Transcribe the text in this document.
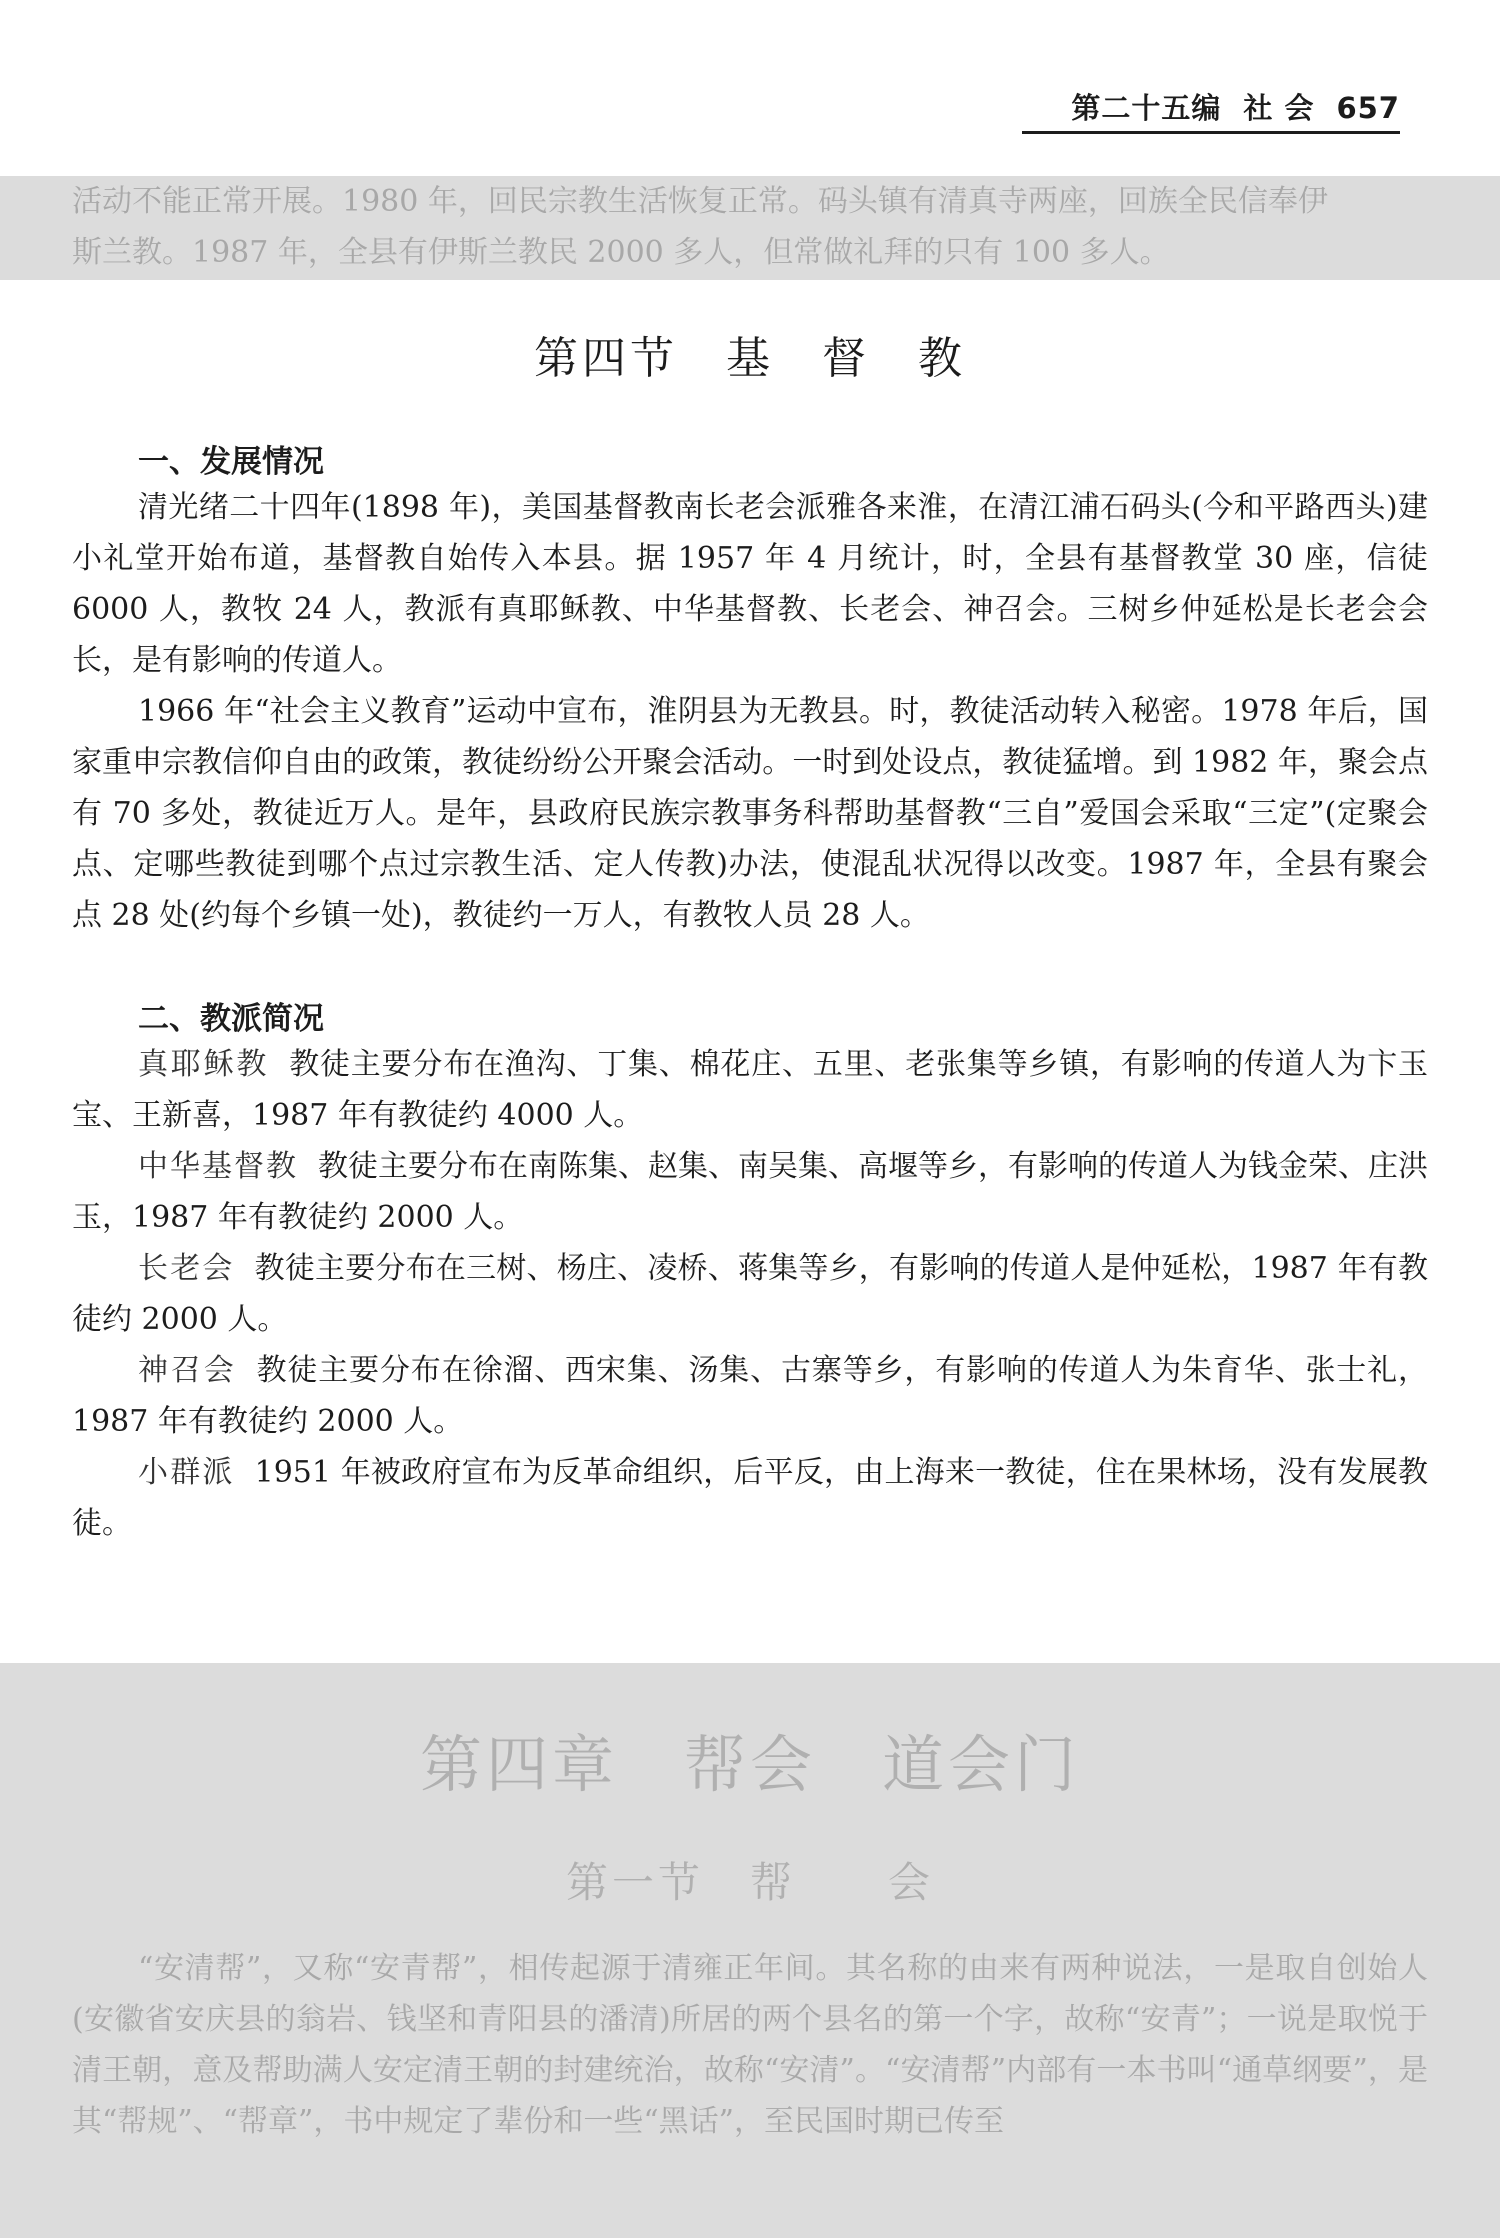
第二十五编 社 会 657

活动不能正常开展。1980 年，回民宗教生活恢复正常。码头镇有清真寺两座，回族全民信奉伊

斯兰教。1987 年，全县有伊斯兰教民 2000 多人，但常做礼拜的只有 100 多人。

第四节　基　督　教
一、发展情况

清光绪二十四年(1898 年)，美国基督教南长老会派雅各来淮，在清江浦石码头(今和平路西头)建小礼堂开始布道，基督教自始传入本县。据 1957 年 4 月统计，时，全县有基督教堂 30 座，信徒 6000 人，教牧 24 人，教派有真耶稣教、中华基督教、长老会、神召会。三树乡仲延松是长老会会长，是有影响的传道人。

1966 年“社会主义教育”运动中宣布，淮阴县为无教县。时，教徒活动转入秘密。1978 年后，国家重申宗教信仰自由的政策，教徒纷纷公开聚会活动。一时到处设点，教徒猛增。到 1982 年，聚会点有 70 多处，教徒近万人。是年，县政府民族宗教事务科帮助基督教“三自”爱国会采取“三定”(定聚会点、定哪些教徒到哪个点过宗教生活、定人传教)办法，使混乱状况得以改变。1987 年，全县有聚会点 28 处(约每个乡镇一处)，教徒约一万人，有教牧人员 28 人。

二、教派简况

真耶稣教 教徒主要分布在渔沟、丁集、棉花庄、五里、老张集等乡镇，有影响的传道人为卞玉宝、王新喜，1987 年有教徒约 4000 人。

中华基督教 教徒主要分布在南陈集、赵集、南吴集、高堰等乡，有影响的传道人为钱金荣、庄洪玉，1987 年有教徒约 2000 人。

长老会 教徒主要分布在三树、杨庄、凌桥、蒋集等乡，有影响的传道人是仲延松，1987 年有教徒约 2000 人。

神召会 教徒主要分布在徐溜、西宋集、汤集、古寨等乡，有影响的传道人为朱育华、张士礼，1987 年有教徒约 2000 人。

小群派 1951 年被政府宣布为反革命组织，后平反，由上海来一教徒，住在果林场，没有发展教徒。

第四章　帮会　道会门
第一节　帮　　会

“安清帮”，又称“安青帮”，相传起源于清雍正年间。其名称的由来有两种说法，一是取自创始人(安徽省安庆县的翁岩、钱坚和青阳县的潘清)所居的两个县名的第一个字，故称“安青”；一说是取悦于清王朝，意及帮助满人安定清王朝的封建统治，故称“安清”。“安清帮”内部有一本书叫“通草纲要”，是其“帮规”、“帮章”，书中规定了辈份和一些“黑话”，至民国时期已传至
